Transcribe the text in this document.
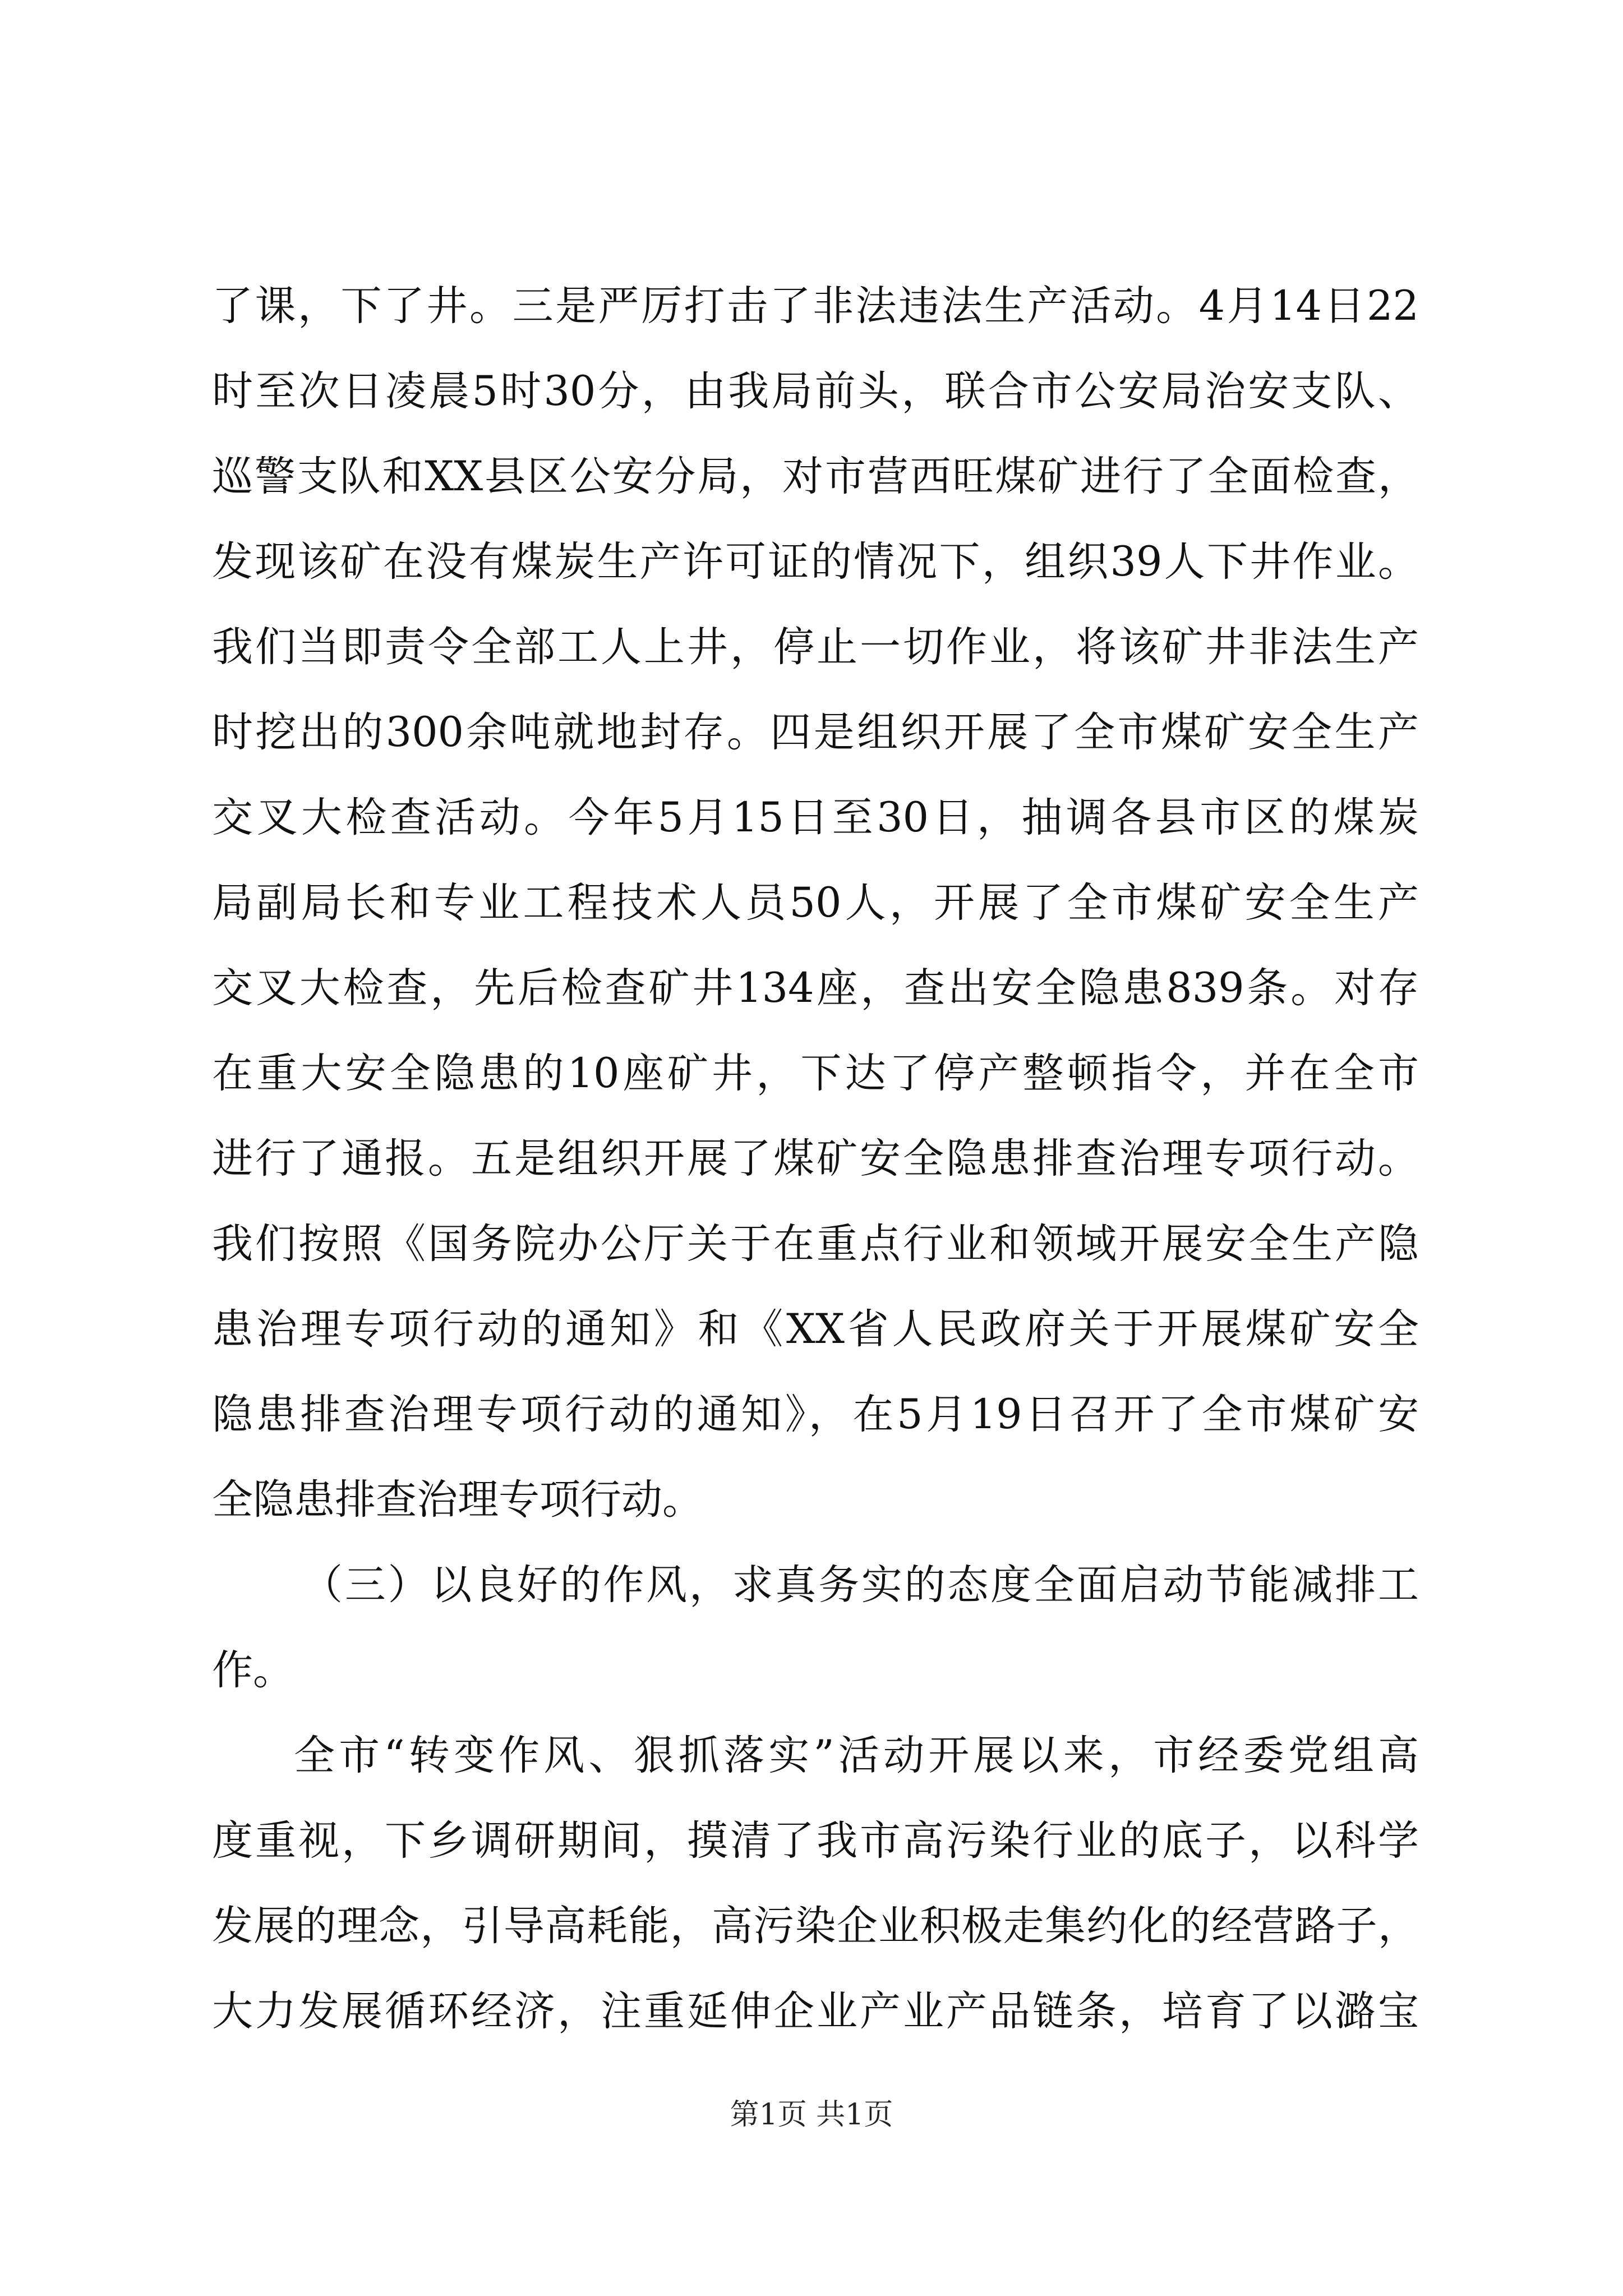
了课，下了井。三是严厉打击了非法违法生产活动。4月14日22
时至次日凌晨5时30分，由我局前头，联合市公安局治安支队、
巡警支队和XX县区公安分局，对市营西旺煤矿进行了全面检查，
发现该矿在没有煤炭生产许可证的情况下，组织39人下井作业。
我们当即责令全部工人上井，停止一切作业，将该矿井非法生产
时挖出的300余吨就地封存。四是组织开展了全市煤矿安全生产
交叉大检查活动。今年5月15日至30日，抽调各县市区的煤炭
局副局长和专业工程技术人员50人，开展了全市煤矿安全生产
交叉大检查，先后检查矿井134座，查出安全隐患839条。对存
在重大安全隐患的10座矿井，下达了停产整顿指令，并在全市
进行了通报。五是组织开展了煤矿安全隐患排查治理专项行动。
我们按照《国务院办公厅关于在重点行业和领域开展安全生产隐
患治理专项行动的通知》和《XX省人民政府关于开展煤矿安全
隐患排查治理专项行动的通知》，在5月19日召开了全市煤矿安
全隐患排查治理专项行动。
（三）以良好的作风，求真务实的态度全面启动节能减排工
作。
全市“转变作风、狠抓落实”活动开展以来，市经委党组高
度重视，下乡调研期间，摸清了我市高污染行业的底子，以科学
发展的理念，引导高耗能，高污染企业积极走集约化的经营路子，
大力发展循环经济，注重延伸企业产业产品链条，培育了以潞宝
第1页 共1页
